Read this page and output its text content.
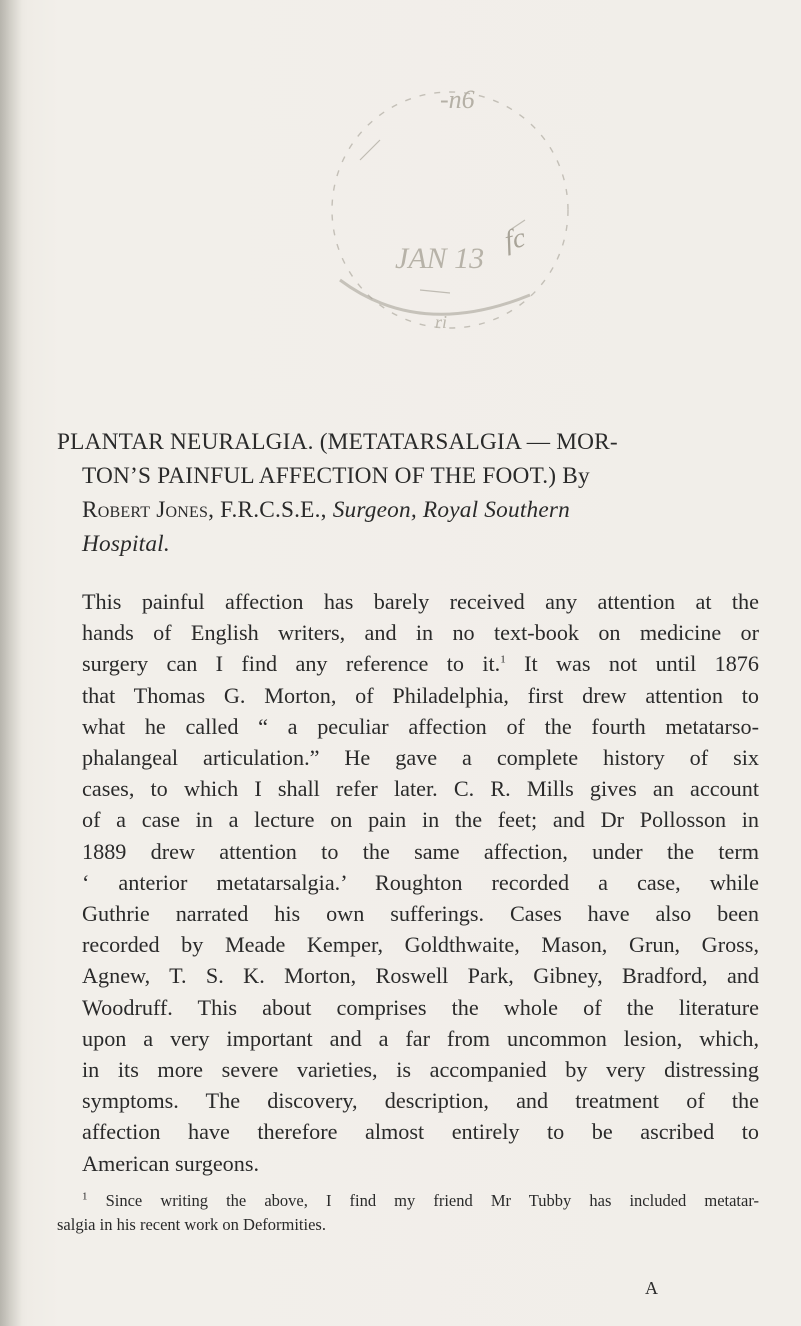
-n6
JAN 13
fc
ri
PLANTAR NEURALGIA. (METATARSALGIA — MOR-
TON’S PAINFUL AFFECTION OF THE FOOT.) By
Robert Jones, F.R.C.S.E., Surgeon, Royal Southern
Hospital.
This painful affection has barely received any attention at the
hands of English writers, and in no text-book on medicine or
surgery can I find any reference to it.$^1$ It was not until 1876
that Thomas G. Morton, of Philadelphia, first drew attention to
what he called “ a peculiar affection of the fourth metatarso-
phalangeal articulation.” He gave a complete history of six
cases, to which I shall refer later. C. R. Mills gives an account
of a case in a lecture on pain in the feet; and Dr Pollosson in
1889 drew attention to the same affection, under the term
‘ anterior metatarsalgia.’ Roughton recorded a case, while
Guthrie narrated his own sufferings. Cases have also been
recorded by Meade Kemper, Goldthwaite, Mason, Grun, Gross,
Agnew, T. S. K. Morton, Roswell Park, Gibney, Bradford, and
Woodruff. This about comprises the whole of the literature
upon a very important and a far from uncommon lesion, which,
in its more severe varieties, is accompanied by very distressing
symptoms. The discovery, description, and treatment of the
affection have therefore almost entirely to be ascribed to
American surgeons.
$^1$ Since writing the above, I find my friend Mr Tubby has included metatar-
salgia in his recent work on Deformities.
A
